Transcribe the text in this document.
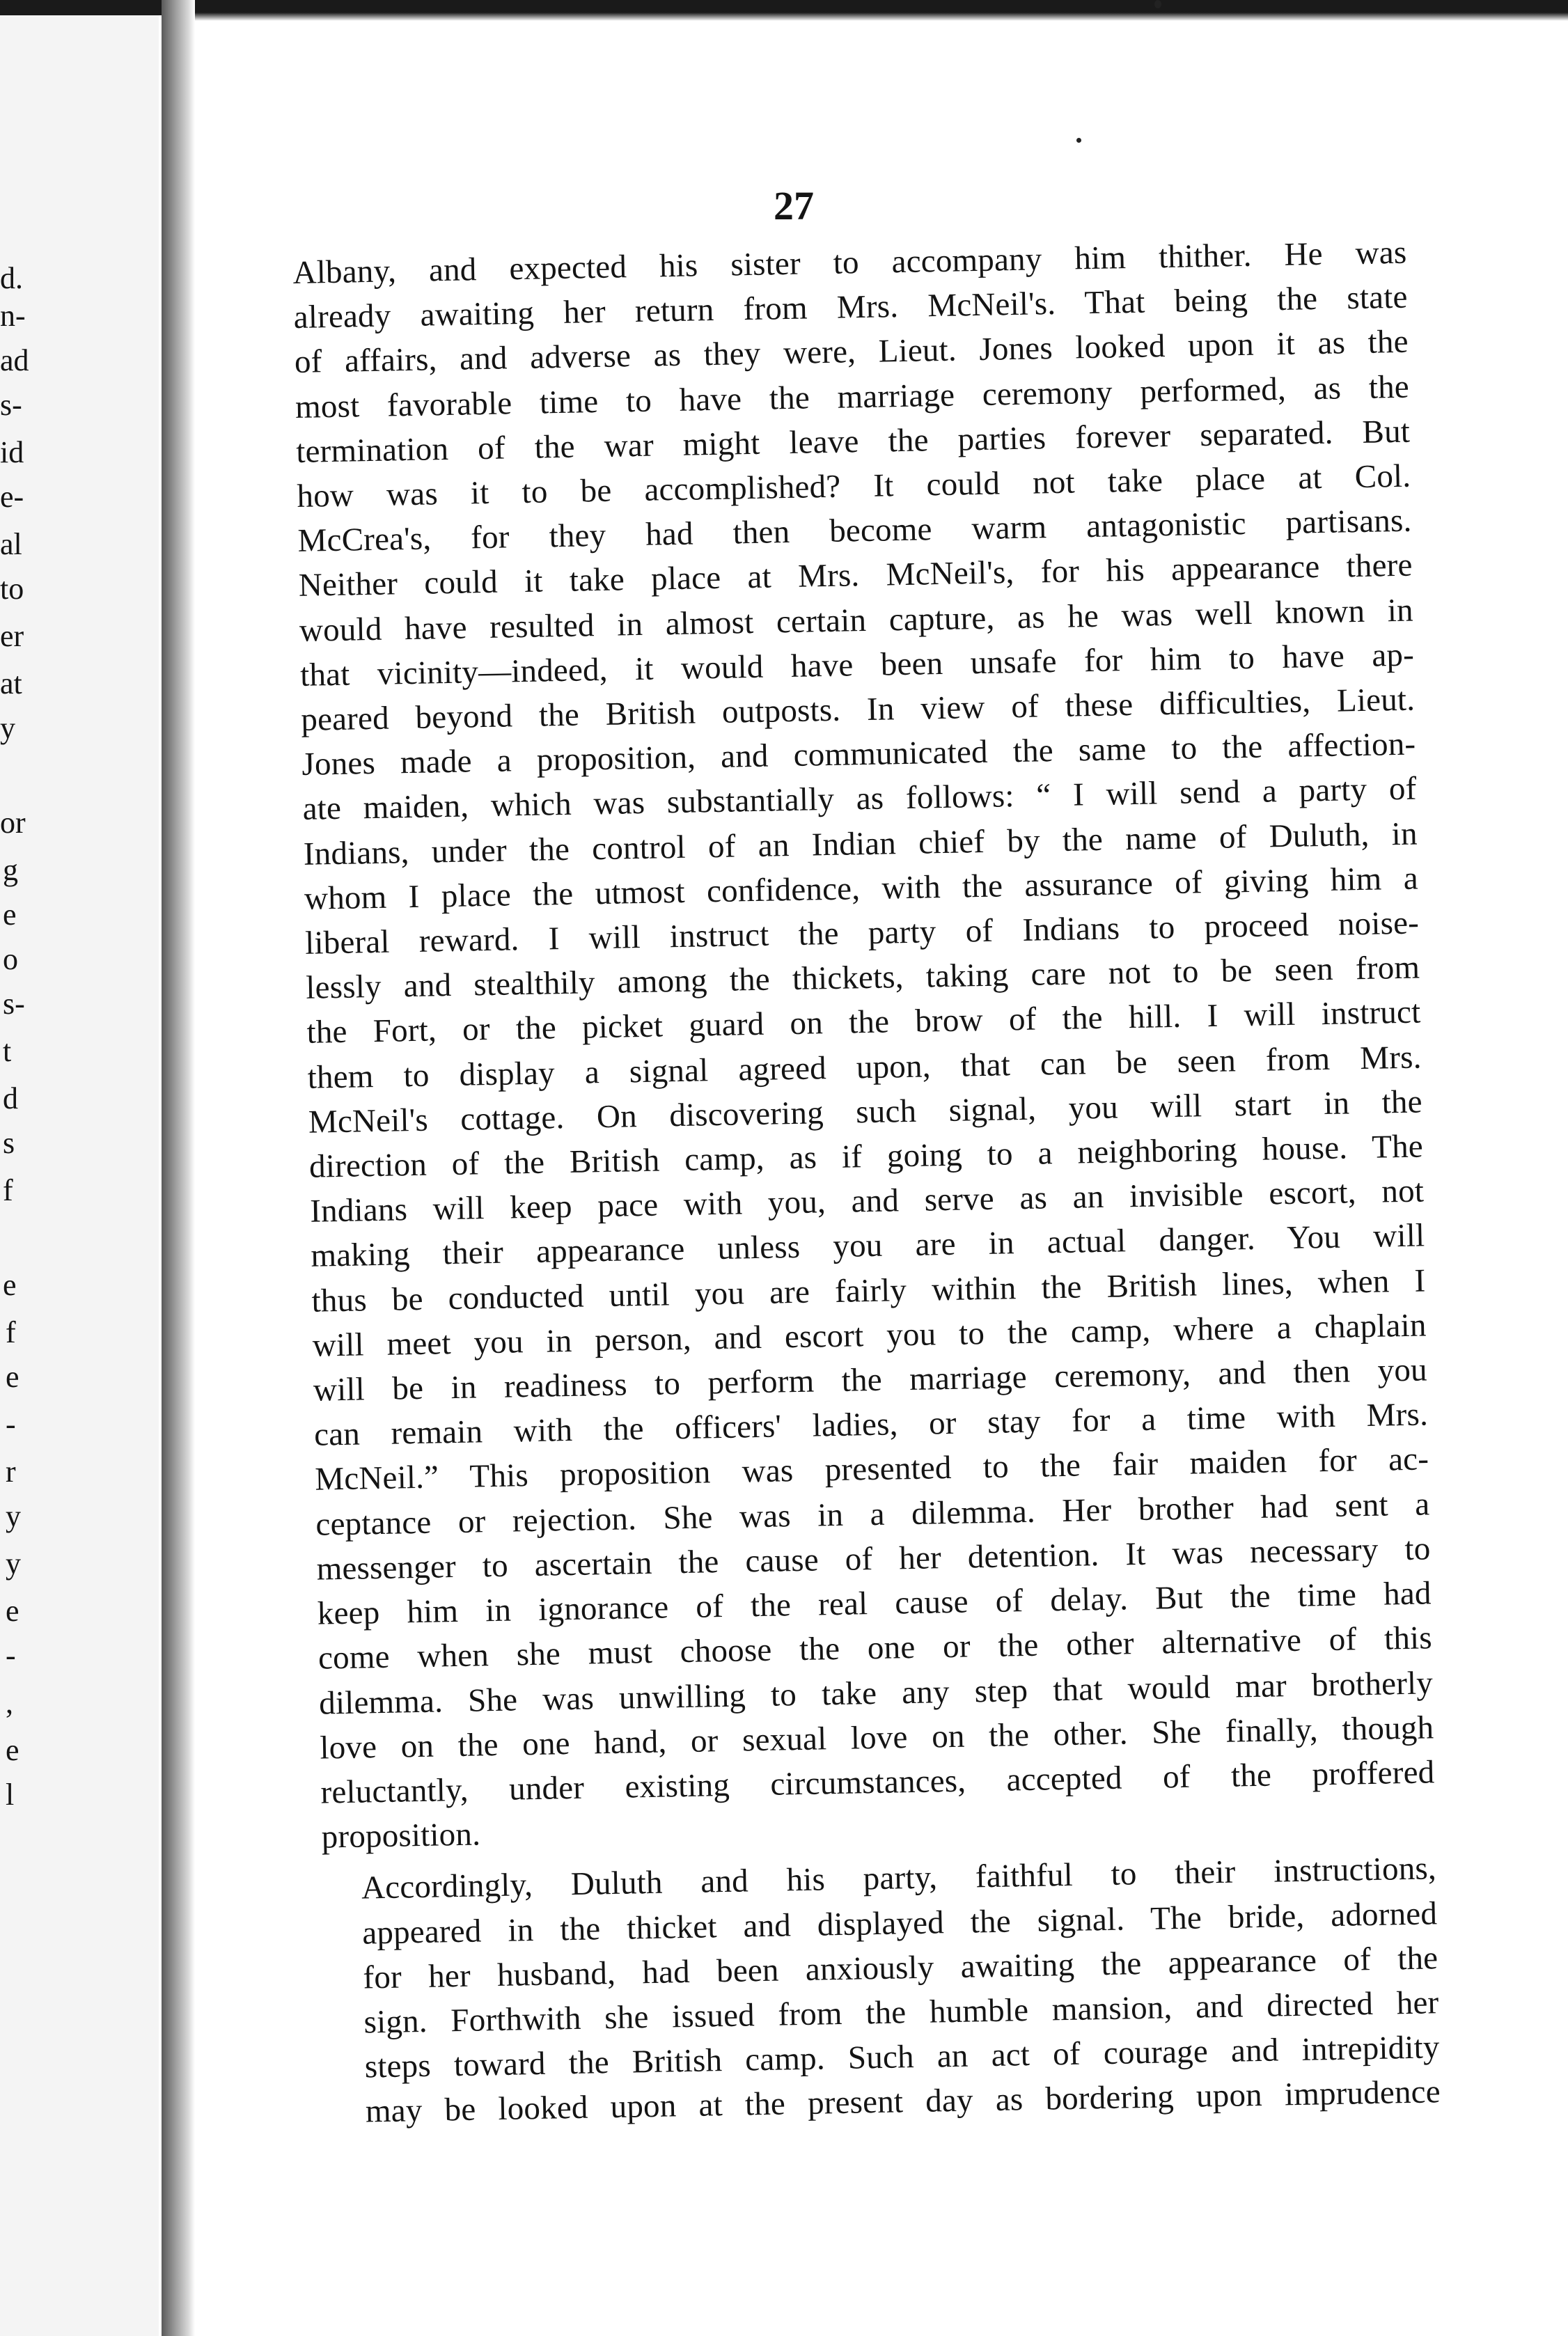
d.
n-
ad
s-
id
e-
al
to
er
at
y
or
g
e
o
s-
t
d
s
f
e
f
e
-
r
y
y
e
-
,
e
l
27

Albany, and expected his sister to accompany him thither. He was
already awaiting her return from Mrs. McNeil's. That being the state
of affairs, and adverse as they were, Lieut. Jones looked upon it as the
most favorable time to have the marriage ceremony performed, as the
termination of the war might leave the parties forever separated. But
how was it to be accomplished? It could not take place at Col.
McCrea's, for they had then become warm antagonistic partisans.
Neither could it take place at Mrs. McNeil's, for his appearance there
would have resulted in almost certain capture, as he was well known in
that vicinity—indeed, it would have been unsafe for him to have ap-
peared beyond the British outposts. In view of these difficulties, Lieut.
Jones made a proposition, and communicated the same to the affection-
ate maiden, which was substantially as follows: “ I will send a party of
Indians, under the control of an Indian chief by the name of Duluth, in
whom I place the utmost confidence, with the assurance of giving him a
liberal reward. I will instruct the party of Indians to proceed noise-
lessly and stealthily among the thickets, taking care not to be seen from
the Fort, or the picket guard on the brow of the hill. I will instruct
them to display a signal agreed upon, that can be seen from Mrs.
McNeil's cottage. On discovering such signal, you will start in the
direction of the British camp, as if going to a neighboring house. The
Indians will keep pace with you, and serve as an invisible escort, not
making their appearance unless you are in actual danger. You will
thus be conducted until you are fairly within the British lines, when I
will meet you in person, and escort you to the camp, where a chaplain
will be in readiness to perform the marriage ceremony, and then you
can remain with the officers' ladies, or stay for a time with Mrs.
McNeil.” This proposition was presented to the fair maiden for ac-
ceptance or rejection. She was in a dilemma. Her brother had sent a
messenger to ascertain the cause of her detention. It was necessary to
keep him in ignorance of the real cause of delay. But the time had
come when she must choose the one or the other alternative of this
dilemma. She was unwilling to take any step that would mar brotherly
love on the one hand, or sexual love on the other. She finally, though
reluctantly, under existing circumstances, accepted of the proffered
proposition.

Accordingly, Duluth and his party, faithful to their instructions,
appeared in the thicket and displayed the signal. The bride, adorned
for her husband, had been anxiously awaiting the appearance of the
sign. Forthwith she issued from the humble mansion, and directed her
steps toward the British camp. Such an act of courage and intrepidity
may be looked upon at the present day as bordering upon imprudence
